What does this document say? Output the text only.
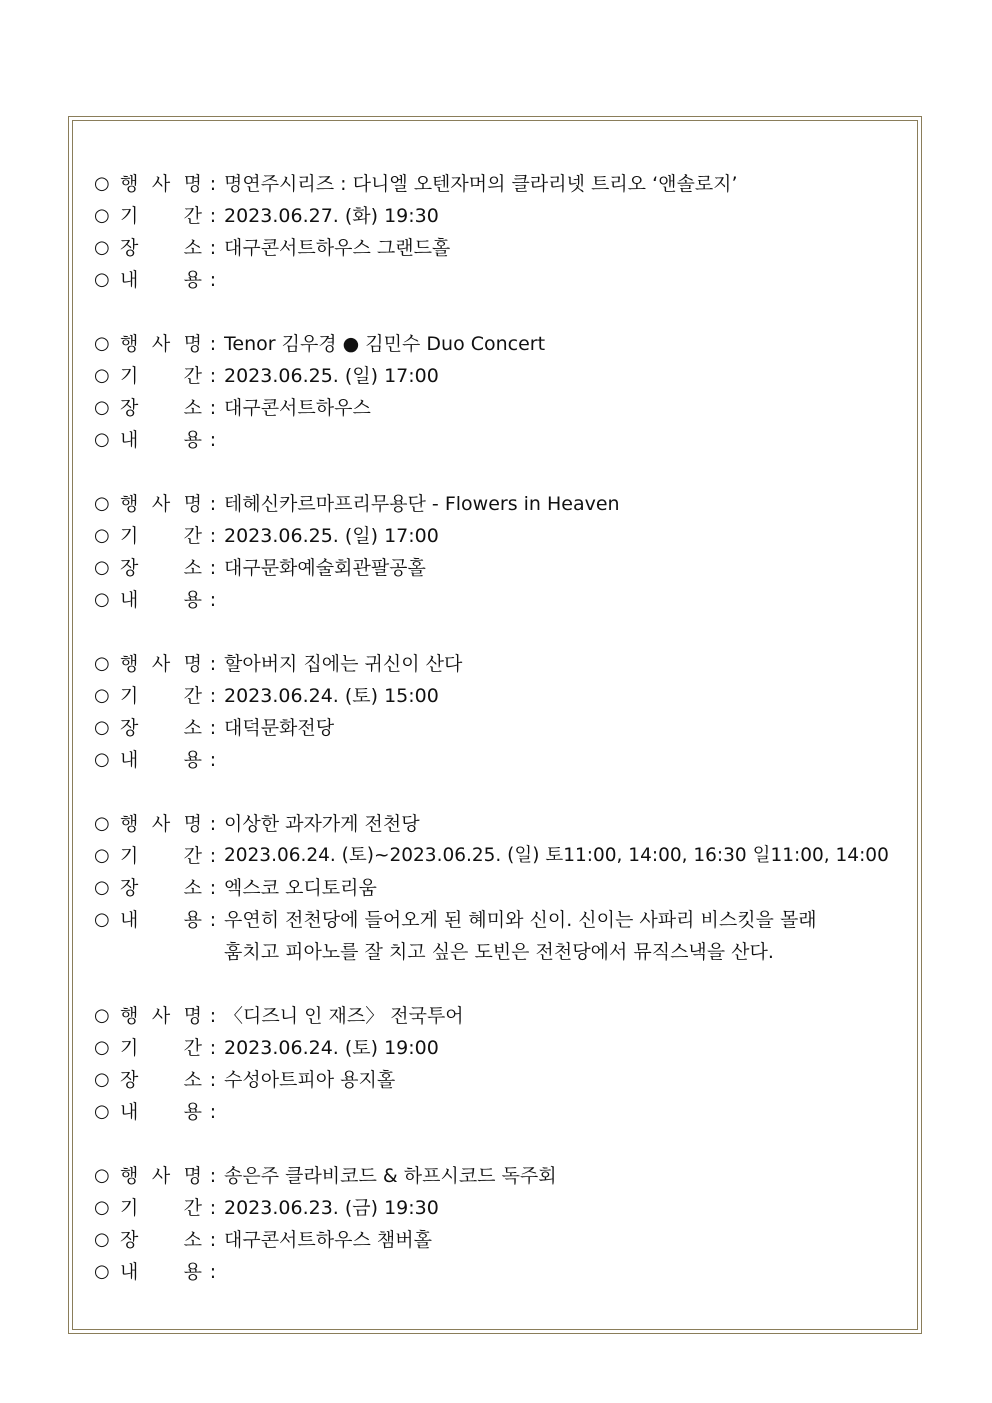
○ 행 사 명 : 명연주시리즈 : 다니엘 오텐자머의 클라리넷 트리오 ‘앤솔로지’
○ 기 간 : 2023.06.27. (화) 19:30
○ 장 소 : 대구콘서트하우스 그랜드홀
○ 내 용 :
○ 행 사 명 : Tenor 김우경 ● 김민수 Duo Concert
○ 기 간 : 2023.06.25. (일) 17:00
○ 장 소 : 대구콘서트하우스
○ 내 용 :
○ 행 사 명 : 테헤신카르마프리무용단 - Flowers in Heaven
○ 기 간 : 2023.06.25. (일) 17:00
○ 장 소 : 대구문화예술회관팔공홀
○ 내 용 :
○ 행 사 명 : 할아버지 집에는 귀신이 산다
○ 기 간 : 2023.06.24. (토) 15:00
○ 장 소 : 대덕문화전당
○ 내 용 :
○ 행 사 명 : 이상한 과자가게 전천당
○ 기 간 : 2023.06.24. (토)~2023.06.25. (일) 토11:00, 14:00, 16:30 일11:00, 14:00
○ 장 소 : 엑스코 오디토리움
○ 내 용 : 우연히 전천당에 들어오게 된 혜미와 신이. 신이는 사파리 비스킷을 몰래
훔치고 피아노를 잘 치고 싶은 도빈은 전천당에서 뮤직스낵을 산다.
○ 행 사 명 : 〈디즈니 인 재즈〉 전국투어
○ 기 간 : 2023.06.24. (토) 19:00
○ 장 소 : 수성아트피아 용지홀
○ 내 용 :
○ 행 사 명 : 송은주 클라비코드 & 하프시코드 독주회
○ 기 간 : 2023.06.23. (금) 19:30
○ 장 소 : 대구콘서트하우스 챔버홀
○ 내 용 :
